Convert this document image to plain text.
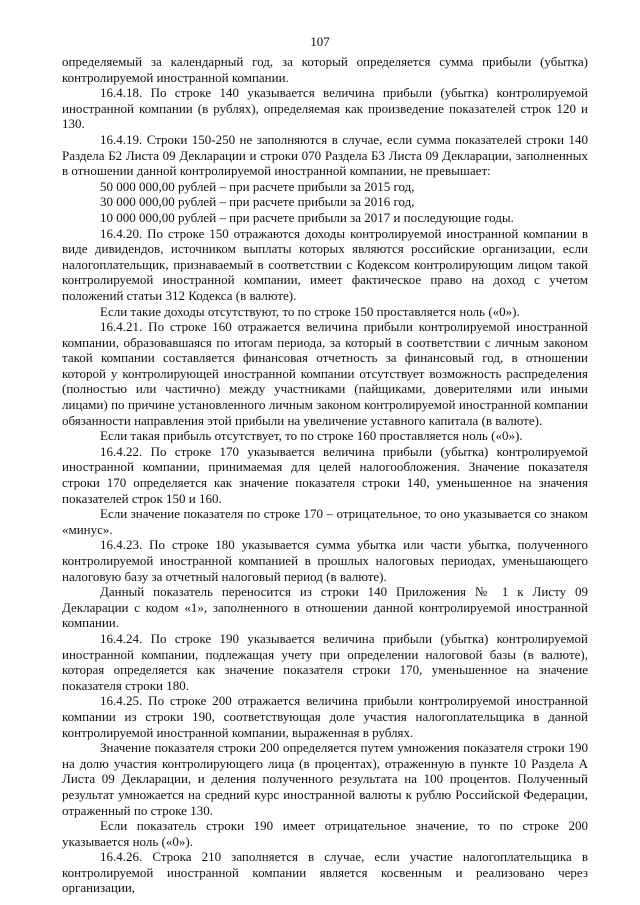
107

определяемый за календарный год, за который определяется сумма прибыли (убытка) контролируемой иностранной компании.

16.4.18. По строке 140 указывается величина прибыли (убытка) контролируемой иностранной компании (в рублях), определяемая как произведение показателей строк 120 и 130.

16.4.19. Строки 150-250 не заполняются в случае, если сумма показателей строки 140 Раздела Б2 Листа 09 Декларации и строки 070 Раздела Б3 Листа 09 Декларации, заполненных в отношении данной контролируемой иностранной компании, не превышает:

50 000 000,00 рублей – при расчете прибыли за 2015 год,

30 000 000,00 рублей – при расчете прибыли за 2016 год,

10 000 000,00 рублей – при расчете прибыли за 2017 и последующие годы.

16.4.20. По строке 150 отражаются доходы контролируемой иностранной компании в виде дивидендов, источником выплаты которых являются российские организации, если налогоплательщик, признаваемый в соответствии с Кодексом контролирующим лицом такой контролируемой иностранной компании, имеет фактическое право на доход с учетом положений статьи 312 Кодекса (в валюте).

Если такие доходы отсутствуют, то по строке 150 проставляется ноль («0»).

16.4.21. По строке 160 отражается величина прибыли контролируемой иностранной компании, образовавшаяся по итогам периода, за который в соответствии с личным законом такой компании составляется финансовая отчетность за финансовый год, в отношении которой у контролирующей иностранной компании отсутствует возможность распределения (полностью или частично) между участниками (пайщиками, доверителями или иными лицами) по причине установленного личным законом контролируемой иностранной компании обязанности направления этой прибыли на увеличение уставного капитала (в валюте).

Если такая прибыль отсутствует, то по строке 160 проставляется ноль («0»).

16.4.22. По строке 170 указывается величина прибыли (убытка) контролируемой иностранной компании, принимаемая для целей налогообложения. Значение показателя строки 170 определяется как значение показателя строки 140, уменьшенное на значения показателей строк 150 и 160.

Если значение показателя по строке 170 – отрицательное, то оно указывается со знаком «минус».

16.4.23. По строке 180 указывается сумма убытка или части убытка, полученного контролируемой иностранной компанией в прошлых налоговых периодах, уменьшающего налоговую базу за отчетный налоговый период (в валюте).

Данный показатель переносится из строки 140 Приложения № 1 к Листу 09 Декларации с кодом «1», заполненного в отношении данной контролируемой иностранной компании.

16.4.24. По строке 190 указывается величина прибыли (убытка) контролируемой иностранной компании, подлежащая учету при определении налоговой базы (в валюте), которая определяется как значение показателя строки 170, уменьшенное на значение показателя строки 180.

16.4.25. По строке 200 отражается величина прибыли контролируемой иностранной компании из строки 190, соответствующая доле участия налогоплательщика в данной контролируемой иностранной компании, выраженная в рублях.

Значение показателя строки 200 определяется путем умножения показателя строки 190 на долю участия контролирующего лица (в процентах), отраженную в пункте 10 Раздела А Листа 09 Декларации, и деления полученного результата на 100 процентов. Полученный результат умножается на средний курс иностранной валюты к рублю Российской Федерации, отраженный по строке 130.

Если показатель строки 190 имеет отрицательное значение, то по строке 200 указывается ноль («0»).

16.4.26. Строка 210 заполняется в случае, если участие налогоплательщика в контролируемой иностранной компании является косвенным и реализовано через организации,
